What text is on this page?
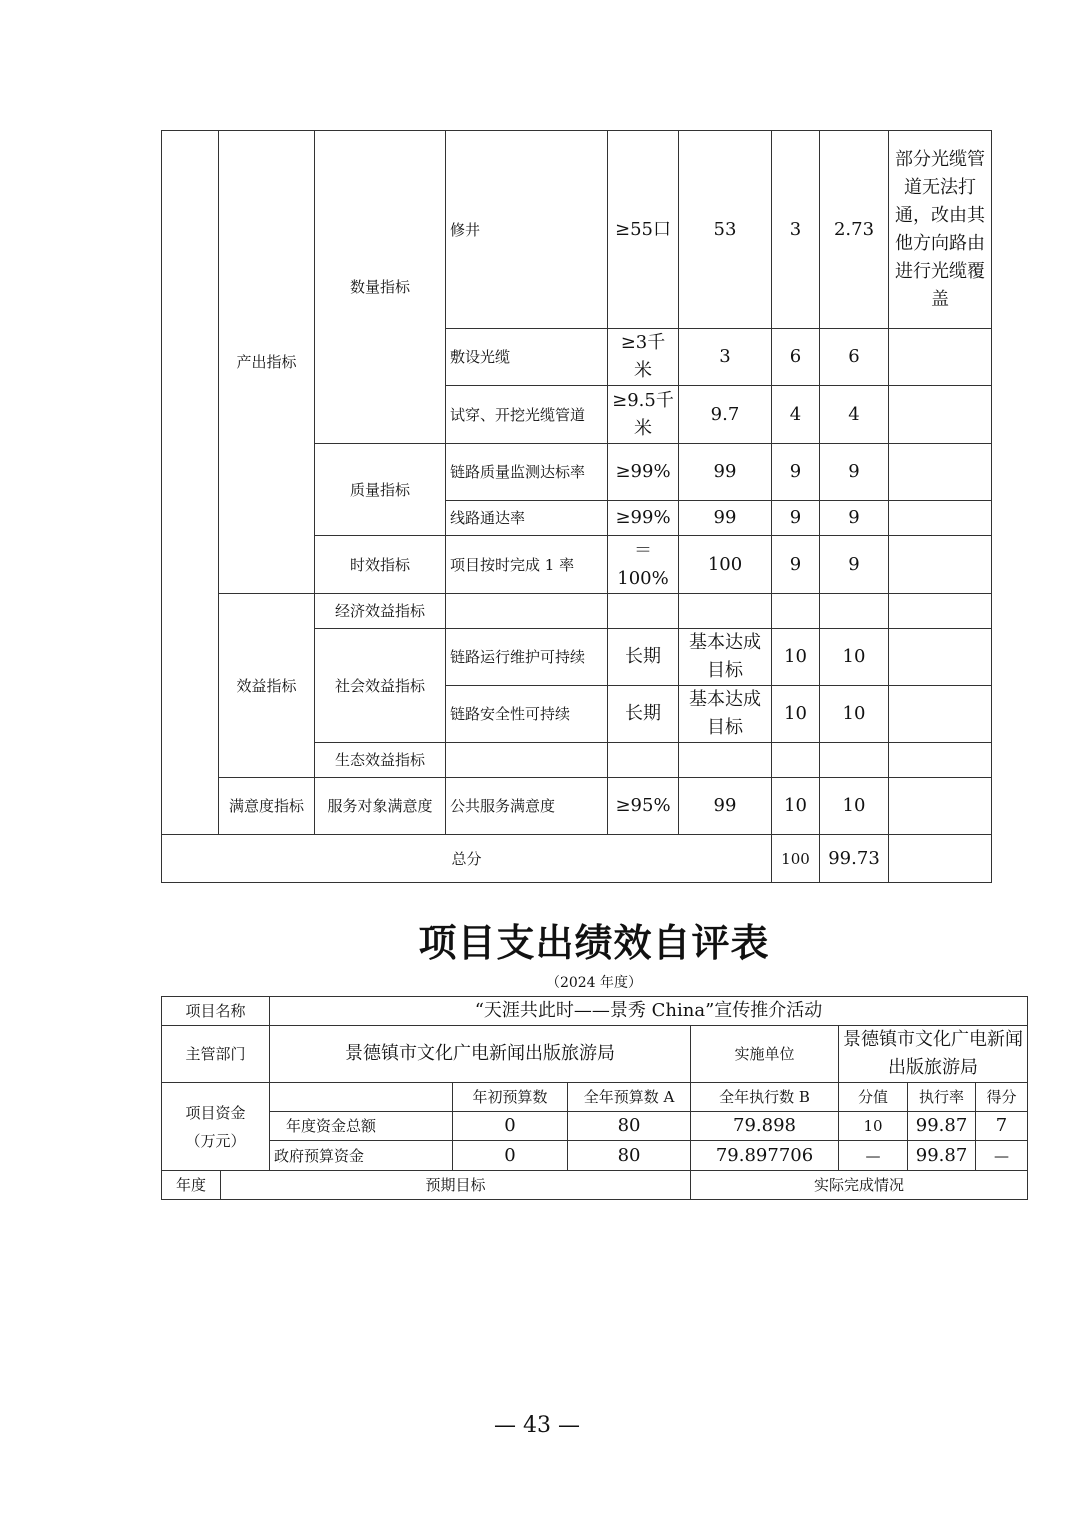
	产出指标	数量指标	修井	≥55口	53	3	2.73	部分光缆管道无法打通，改由其他方向路由进行光缆覆盖
			敷设光缆	≥3千米	3	6	6	
			试穿、开挖光缆管道	≥9.5千米	9.7	4	4	
		质量指标	链路质量监测达标率	≥99%	99	9	9	
			线路通达率	≥99%	99	9	9	
		时效指标	项目按时完成 1 率	＝100%	100	9	9	
	效益指标	经济效益指标						
		社会效益指标	链路运行维护可持续	长期	基本达成目标	10	10	
			链路安全性可持续	长期	基本达成目标	10	10	
		生态效益指标						
	满意度指标	服务对象满意度	公共服务满意度	≥95%	99	10	10	
总分						100	99.73	
项目支出绩效自评表
（2024 年度）
项目名称		“天涯共此时——景秀 China”宣传推介活动						
主管部门		景德镇市文化广电新闻出版旅游局			实施单位	景德镇市文化广电新闻出版旅游局		
项目资金（万元）			年初预算数	全年预算数 A	全年执行数 B	分值	执行率	得分
		年度资金总额	0	80	79.898	10	99.87	7
		政府预算资金	0	80	79.897706	—	99.87	—
年度	预期目标				实际完成情况			
— 43 —
